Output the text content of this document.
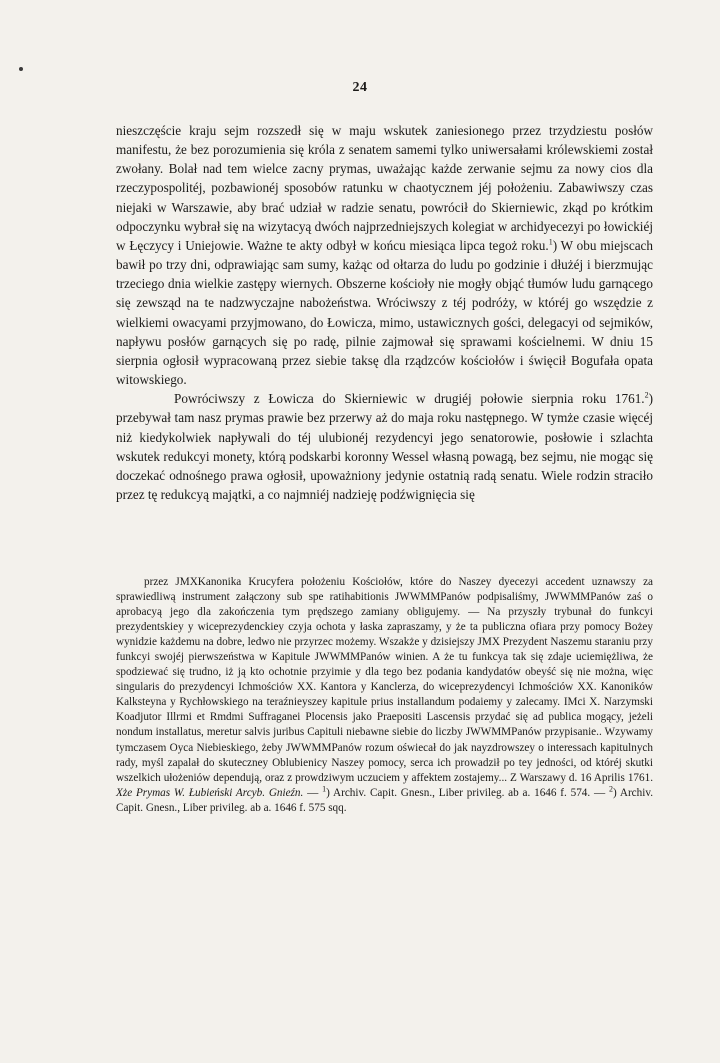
24

nieszczęście kraju sejm rozszedł się w maju wskutek zaniesionego przez trzydziestu posłów manifestu, że bez porozumienia się króla z senatem samemi tylko uniwersałami królewskiemi został zwołany. Bolał nad tem wielce zacny prymas, uważając każde zerwanie sejmu za nowy cios dla rzeczypospolitéj, pozbawionéj sposobów ratunku w chaotycznem jéj położeniu. Zabawiwszy czas niejaki w Warszawie, aby brać udział w radzie senatu, powrócił do Skierniewic, zkąd po krótkim odpoczynku wybrał się na wizytacyą dwóch najprzedniejszych kolegiat w archidyecezyi po łowickiéj w Łęczycy i Uniejowie. Ważne te akty odbył w końcu miesiąca lipca tegoż roku.$^1$) W obu miejscach bawił po trzy dni, odprawiając sam sumy, każąc od ołtarza do ludu po godzinie i dłużéj i bierzmując trzeciego dnia wielkie zastępy wiernych. Obszerne kościoły nie mogły objąć tłumów ludu garnącego się zewsząd na te nadzwyczajne nabożeństwa. Wróciwszy z téj podróży, w któréj go wszędzie z wielkiemi owacyami przyjmowano, do Łowicza, mimo, ustawicznych gości, delegacyi od sejmików, napływu posłów garnących się po radę, pilnie zajmował się sprawami kościelnemi. W dniu 15 sierpnia ogłosił wypracowaną przez siebie taksę dla rządzców kościołów i święcił Bogufała opata witowskiego.

Powróciwszy z Łowicza do Skierniewic w drugiéj połowie sierpnia roku 1761.$^2$) przebywał tam nasz prymas prawie bez przerwy aż do maja roku następnego. W tymże czasie więcéj niż kiedykolwiek napływali do téj ulubionéj rezydencyi jego senatorowie, posłowie i szlachta wskutek redukcyi monety, którą podskarbi koronny Wessel własną powagą, bez sejmu, nie mogąc się doczekać odnośnego prawa ogłosił, upoważniony jedynie ostatnią radą senatu. Wiele rodzin straciło przez tę redukcyą majątki, a co najmniéj nadzieję podźwignięcia się

przez JMXKanonika Krucyfera położeniu Kościołów, które do Naszey dyecezyi accedent uznawszy za sprawiedliwą instrument załączony sub spe ratihabitionis JWWMMPanów podpisaliśmy, JWWMMPanów zaś o aprobacyą jego dla zakończenia tym prędszego zamiany obligujemy. — Na przyszły trybunał do funkcyi prezydentskiey y wiceprezydenckiey czyja ochota y łaska zapraszamy, y że ta publiczna ofiara przy pomocy Bożey wynidzie każdemu na dobre, ledwo nie przyrzec możemy. Wszakże y dzisiejszy JMX Prezydent Naszemu staraniu przy funkcyi swojéj pierwszeństwa w Kapitule JWWMMPanów winien. A że tu funkcya tak się zdaje uciemiężliwa, że spodziewać się trudno, iż ją kto ochotnie przyimie y dla tego bez podania kandydatów obeyść się nie można, więc singularis do prezydencyi Ichmościów XX. Kantora y Kanclerza, do wiceprezydencyi Ichmościów XX. Kanoników Kalksteyna y Rychłowskiego na teraźnieyszey kapitule prius installandum podaiemy y zalecamy. IMci X. Narzymski Koadjutor Illrmi et Rmdmi Suffraganei Plocensis jako Praepositi Lascensis przydać się ad publica mogący, jeżeli nondum installatus, meretur salvis juribus Capituli niebawne siebie do liczby JWWMMPanów przypisanie.. Wzywamy tymczasem Oyca Niebieskiego, żeby JWWMMPanów rozum oświecał do jak nayzdrowszey o interessach kapitulnych rady, myśl zapalał do skuteczney Oblubienicy Naszey pomocy, serca ich prowadził po tey jedności, od któréj skutki wszelkich ułożeniów dependują, oraz z prowdziwym uczuciem y affektem zostajemy... Z Warszawy d. 16 Aprilis 1761. Xże Prymas W. Łubieński Arcyb. Gnieźn. — $^1$) Archiv. Capit. Gnesn., Liber privileg. ab a. 1646 f. 574. — $^2$) Archiv. Capit. Gnesn., Liber privileg. ab a. 1646 f. 575 sqq.
